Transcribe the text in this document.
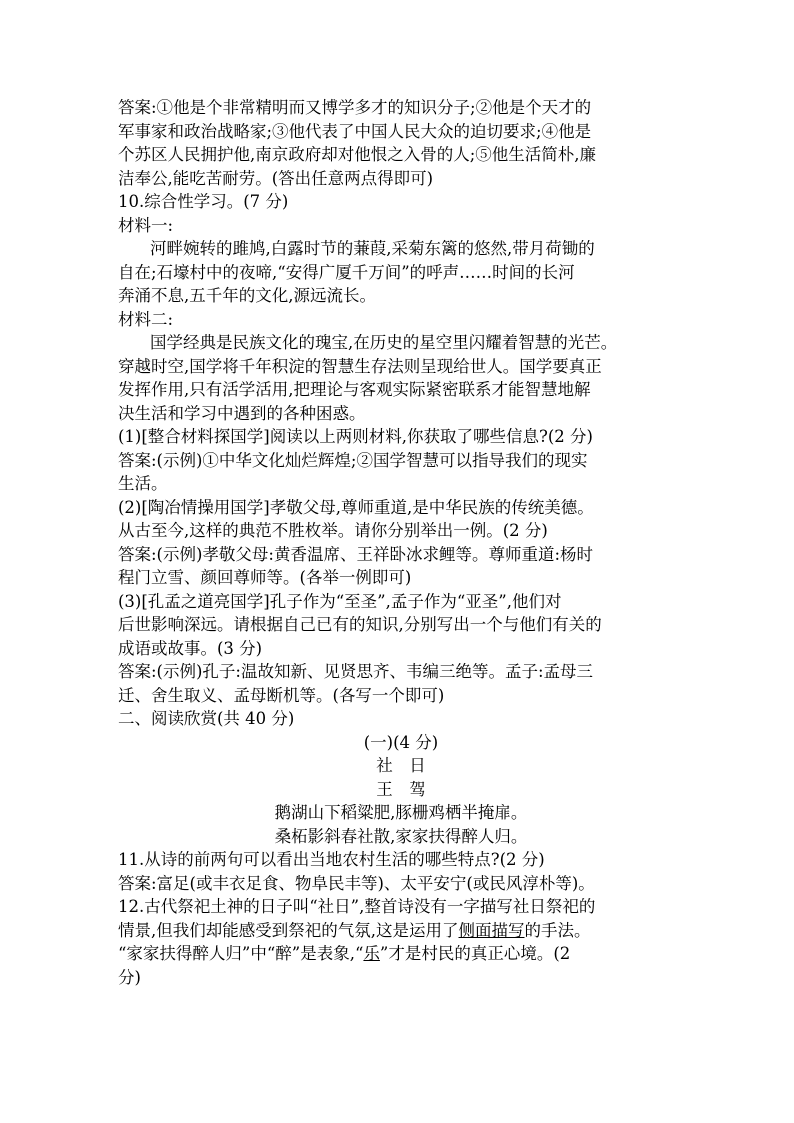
答案:①他是个非常精明而又博学多才的知识分子;②他是个天才的

军事家和政治战略家;③他代表了中国人民大众的迫切要求;④他是

个苏区人民拥护他,南京政府却对他恨之入骨的人;⑤他生活简朴,廉

洁奉公,能吃苦耐劳。(答出任意两点得即可)

10.综合性学习。(7 分)

材料一:

河畔婉转的雎鸠,白露时节的蒹葭,采菊东篱的悠然,带月荷锄的

自在;石壕村中的夜啼,“安得广厦千万间”的呼声……时间的长河

奔涌不息,五千年的文化,源远流长。

材料二:

国学经典是民族文化的瑰宝,在历史的星空里闪耀着智慧的光芒。

穿越时空,国学将千年积淀的智慧生存法则呈现给世人。国学要真正

发挥作用,只有活学活用,把理论与客观实际紧密联系才能智慧地解

决生活和学习中遇到的各种困惑。

(1)[整合材料探国学]阅读以上两则材料,你获取了哪些信息?(2 分)

答案:(示例)①中华文化灿烂辉煌;②国学智慧可以指导我们的现实

生活。

(2)[陶冶情操用国学]孝敬父母,尊师重道,是中华民族的传统美德。

从古至今,这样的典范不胜枚举。请你分别举出一例。(2 分)

答案:(示例)孝敬父母:黄香温席、王祥卧冰求鲤等。尊师重道:杨时

程门立雪、颜回尊师等。(各举一例即可)

(3)[孔孟之道亮国学]孔子作为“至圣”,孟子作为“亚圣”,他们对

后世影响深远。请根据自己已有的知识,分别写出一个与他们有关的

成语或故事。(3 分)

答案:(示例)孔子:温故知新、见贤思齐、韦编三绝等。孟子:孟母三

迁、舍生取义、孟母断机等。(各写一个即可)

二、阅读欣赏(共 40 分)

(一)(4 分)

社　日

王　驾

鹅湖山下稻粱肥,豚栅鸡栖半掩扉。

桑柘影斜春社散,家家扶得醉人归。

11.从诗的前两句可以看出当地农村生活的哪些特点?(2 分)

答案:富足(或丰衣足食、物阜民丰等)、太平安宁(或民风淳朴等)。

12.古代祭祀土神的日子叫“社日”,整首诗没有一字描写社日祭祀的

情景,但我们却能感受到祭祀的气氛,这是运用了侧面描写的手法。

“家家扶得醉人归”中“醉”是表象,“乐”才是村民的真正心境。(2

分)
